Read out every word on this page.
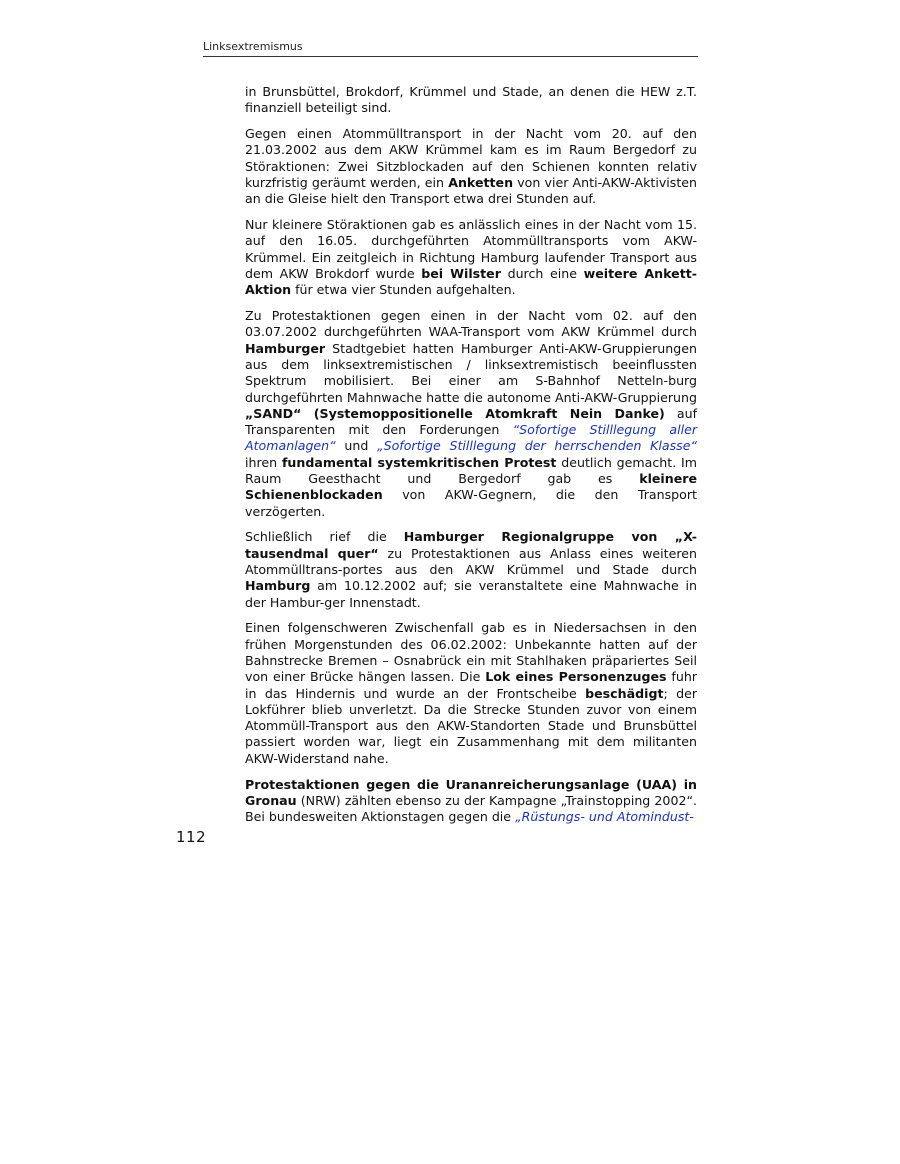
Linksextremismus

in Brunsbüttel, Brokdorf, Krümmel und Stade, an denen die HEW z.T. finanziell beteiligt sind.

Gegen einen Atommülltransport in der Nacht vom 20. auf den 21.03.2002 aus dem AKW Krümmel kam es im Raum Bergedorf zu Störaktionen: Zwei Sitzblockaden auf den Schienen konnten relativ kurzfristig geräumt werden, ein Anketten von vier Anti-AKW-Aktivisten an die Gleise hielt den Transport etwa drei Stunden auf.

Nur kleinere Störaktionen gab es anlässlich eines in der Nacht vom 15. auf den 16.05. durchgeführten Atommülltransports vom AKW-Krümmel. Ein zeitgleich in Richtung Hamburg laufender Transport aus dem AKW Brokdorf wurde bei Wilster durch eine weitere Ankett-Aktion für etwa vier Stunden aufgehalten.

Zu Protestaktionen gegen einen in der Nacht vom 02. auf den 03.07.2002 durchgeführten WAA-Transport vom AKW Krümmel durch Hamburger Stadtgebiet hatten Hamburger Anti-AKW-Gruppierungen aus dem linksextremistischen / linksextremistisch beeinflussten Spektrum mobilisiert. Bei einer am S-Bahnhof Netteln-burg durchgeführten Mahnwache hatte die autonome Anti-AKW-Gruppierung „SAND“ (Systemoppositionelle Atomkraft Nein Danke) auf Transparenten mit den Forderungen “Sofortige Stilllegung aller Atomanlagen“ und „Sofortige Stilllegung der herrschenden Klasse“ ihren fundamental systemkritischen Protest deutlich gemacht. Im Raum Geesthacht und Bergedorf gab es kleinere Schienenblockaden von AKW-Gegnern, die den Transport verzögerten.

Schließlich rief die Hamburger Regionalgruppe von „X-tausendmal quer“ zu Protestaktionen aus Anlass eines weiteren Atommülltrans-portes aus den AKW Krümmel und Stade durch Hamburg am 10.12.2002 auf; sie veranstaltete eine Mahnwache in der Hambur-ger Innenstadt.

Einen folgenschweren Zwischenfall gab es in Niedersachsen in den frühen Morgenstunden des 06.02.2002: Unbekannte hatten auf der Bahnstrecke Bremen – Osnabrück ein mit Stahlhaken präpariertes Seil von einer Brücke hängen lassen. Die Lok eines Personenzuges fuhr in das Hindernis und wurde an der Frontscheibe beschädigt; der Lokführer blieb unverletzt. Da die Strecke Stunden zuvor von einem Atommüll-Transport aus den AKW-Standorten Stade und Brunsbüttel passiert worden war, liegt ein Zusammenhang mit dem militanten AKW-Widerstand nahe.

Protestaktionen gegen die Urananreicherungsanlage (UAA) in Gronau (NRW) zählten ebenso zu der Kampagne „Trainstopping 2002“. Bei bundesweiten Aktionstagen gegen die „Rüstungs- und Atomindust-

112
